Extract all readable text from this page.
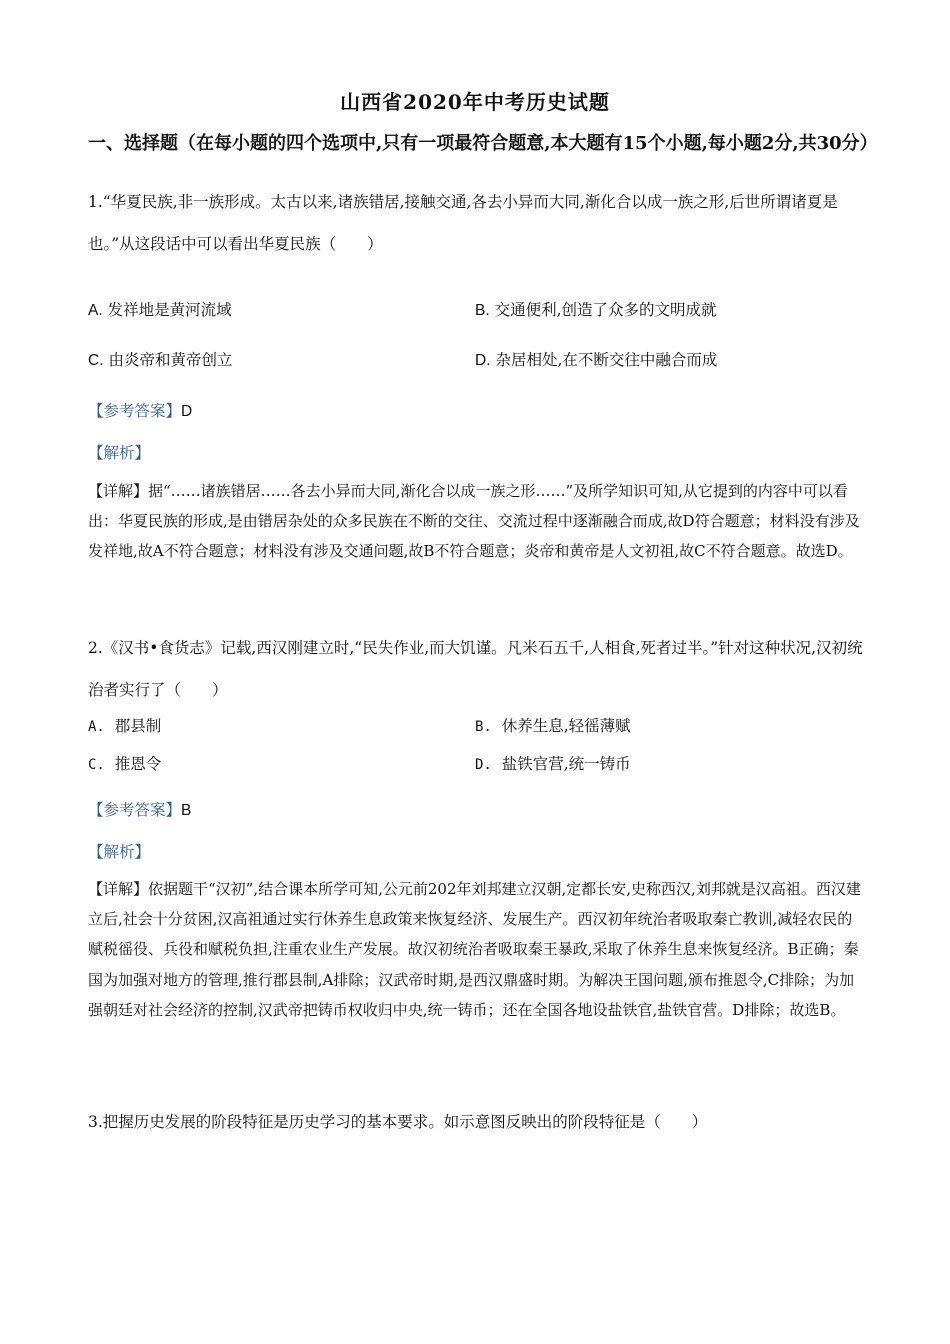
山西省2020年中考历史试题
一、选择题（在每小题的四个选项中,只有一项最符合题意,本大题有15个小题,每小题2分,共30分）
1.“华夏民族,非一族形成。太古以来,诸族错居,接触交通,各去小异而大同,渐化合以成一族之形,后世所谓诸夏是也。”从这段话中可以看出华夏民族（　　）
A. 发祥地是黄河流域	B. 交通便利,创造了众多的文明成就
C. 由炎帝和黄帝创立	D. 杂居相处,在不断交往中融合而成
【参考答案】D
【解析】
【详解】据“……诸族错居……各去小异而大同,渐化合以成一族之形……”及所学知识可知,从它提到的内容中可以看出：华夏民族的形成,是由错居杂处的众多民族在不断的交往、交流过程中逐渐融合而成,故D符合题意；材料没有涉及发祥地,故A不符合题意；材料没有涉及交通问题,故B不符合题意；炎帝和黄帝是人文初祖,故C不符合题意。故选D。
2.《汉书•食货志》记载,西汉刚建立时,“民失作业,而大饥谨。凡米石五千,人相食,死者过半。”针对这种状况,汉初统治者实行了（　　）
A. 郡县制	B. 休养生息,轻徭薄赋
C. 推恩令	D. 盐铁官营,统一铸币
【参考答案】B
【解析】
【详解】依据题干“汉初”,结合课本所学可知,公元前202年刘邦建立汉朝,定都长安,史称西汉,刘邦就是汉高祖。西汉建立后,社会十分贫困,汉高祖通过实行休养生息政策来恢复经济、发展生产。西汉初年统治者吸取秦亡教训,减轻农民的赋税徭役、兵役和赋税负担,注重农业生产发展。故汉初统治者吸取秦王暴政,采取了休养生息来恢复经济。B正确；秦国为加强对地方的管理,推行郡县制,A排除；汉武帝时期,是西汉鼎盛时期。为解决王国问题,颁布推恩令,C排除；为加强朝廷对社会经济的控制,汉武帝把铸币权收归中央,统一铸币；还在全国各地设盐铁官,盐铁官营。D排除；故选B。
3.把握历史发展的阶段特征是历史学习的基本要求。如示意图反映出的阶段特征是（　　）
